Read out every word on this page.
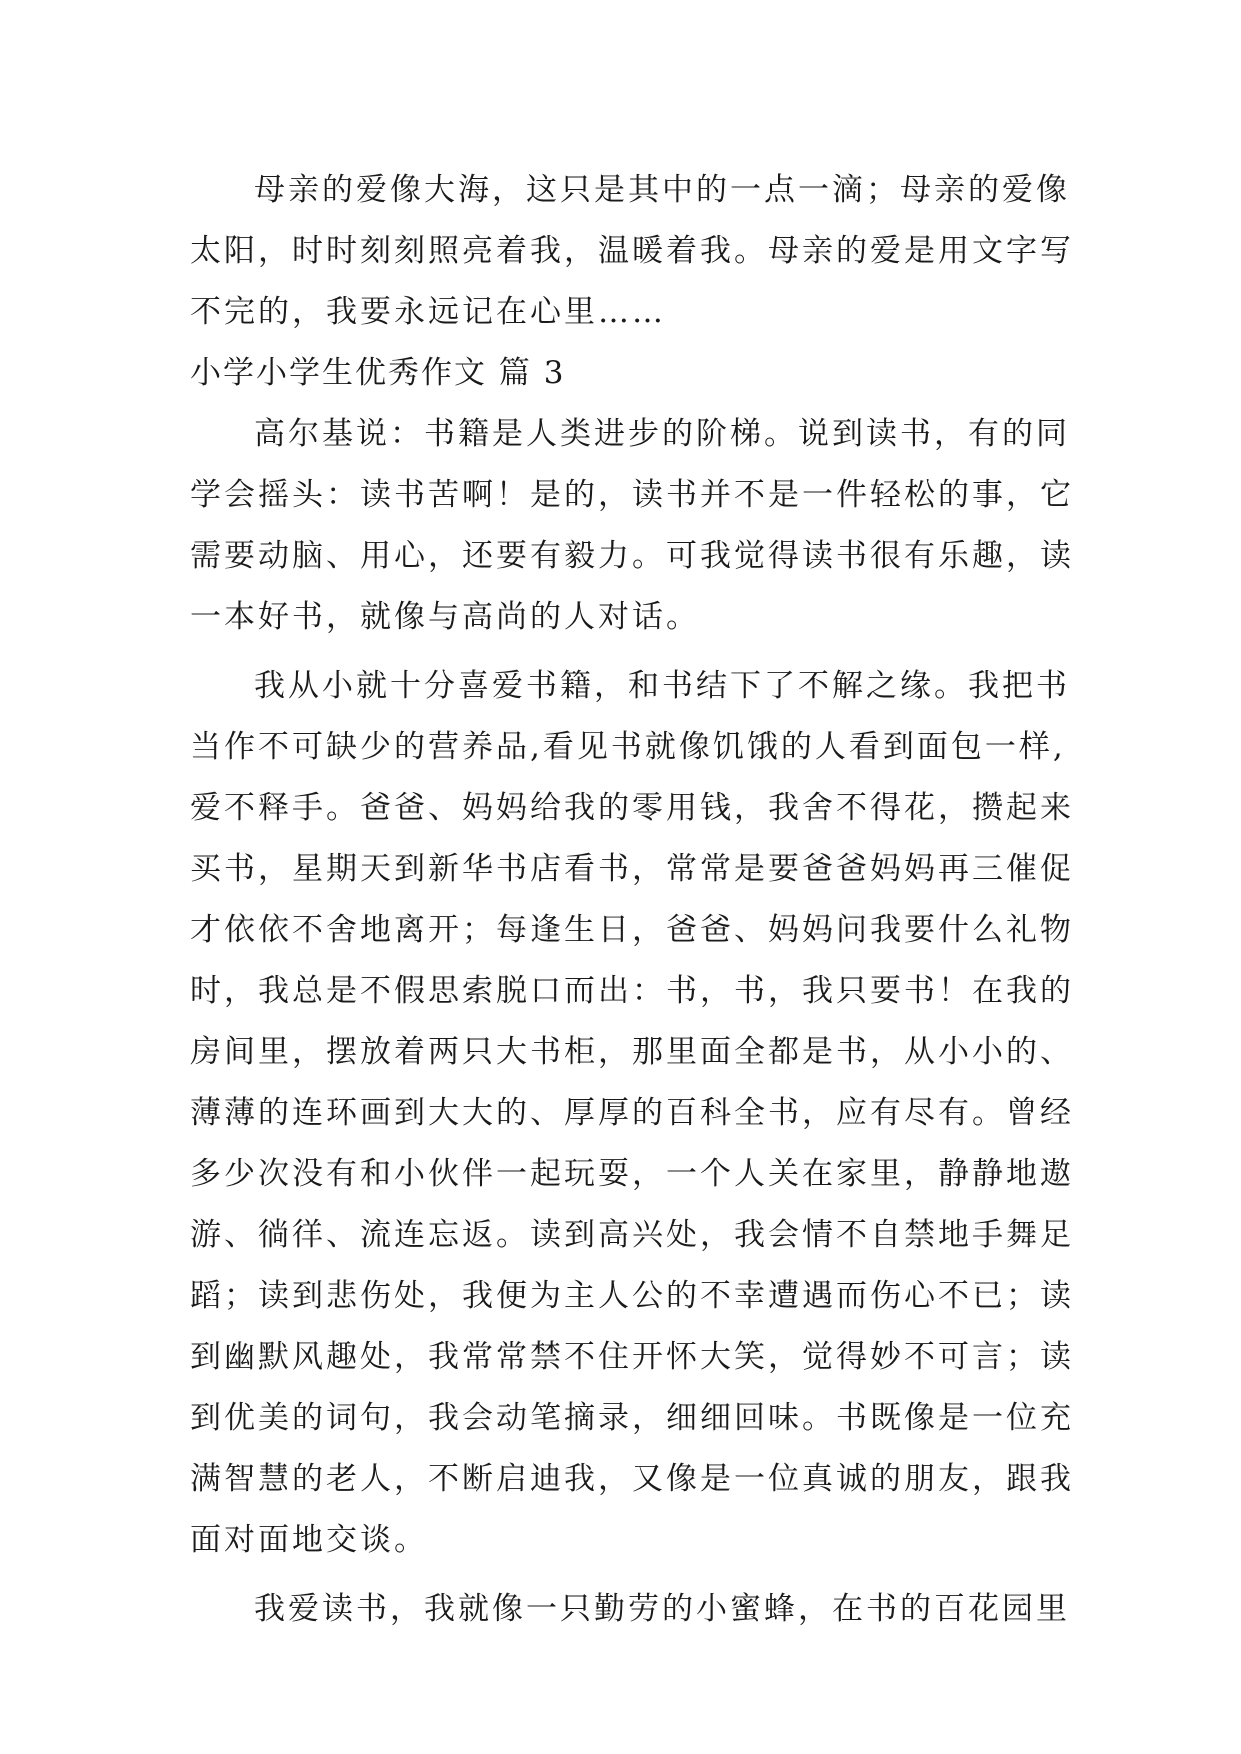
母亲的爱像大海，这只是其中的一点一滴；母亲的爱像
太阳，时时刻刻照亮着我，温暖着我。母亲的爱是用文字写
不完的，我要永远记在心里……
小学小学生优秀作文 篇 3
高尔基说：书籍是人类进步的阶梯。说到读书，有的同
学会摇头：读书苦啊！是的，读书并不是一件轻松的事，它
需要动脑、用心，还要有毅力。可我觉得读书很有乐趣，读
一本好书，就像与高尚的人对话。
我从小就十分喜爱书籍，和书结下了不解之缘。我把书
当作不可缺少的营养品,看见书就像饥饿的人看到面包一样,
爱不释手。爸爸、妈妈给我的零用钱，我舍不得花，攒起来
买书，星期天到新华书店看书，常常是要爸爸妈妈再三催促
才依依不舍地离开；每逢生日，爸爸、妈妈问我要什么礼物
时，我总是不假思索脱口而出：书，书，我只要书！在我的
房间里，摆放着两只大书柜，那里面全都是书，从小小的、
薄薄的连环画到大大的、厚厚的百科全书，应有尽有。曾经
多少次没有和小伙伴一起玩耍，一个人关在家里，静静地遨
游、徜徉、流连忘返。读到高兴处，我会情不自禁地手舞足
蹈；读到悲伤处，我便为主人公的不幸遭遇而伤心不已；读
到幽默风趣处，我常常禁不住开怀大笑，觉得妙不可言；读
到优美的词句，我会动笔摘录，细细回味。书既像是一位充
满智慧的老人，不断启迪我，又像是一位真诚的朋友，跟我
面对面地交谈。
我爱读书，我就像一只勤劳的小蜜蜂，在书的百花园里
